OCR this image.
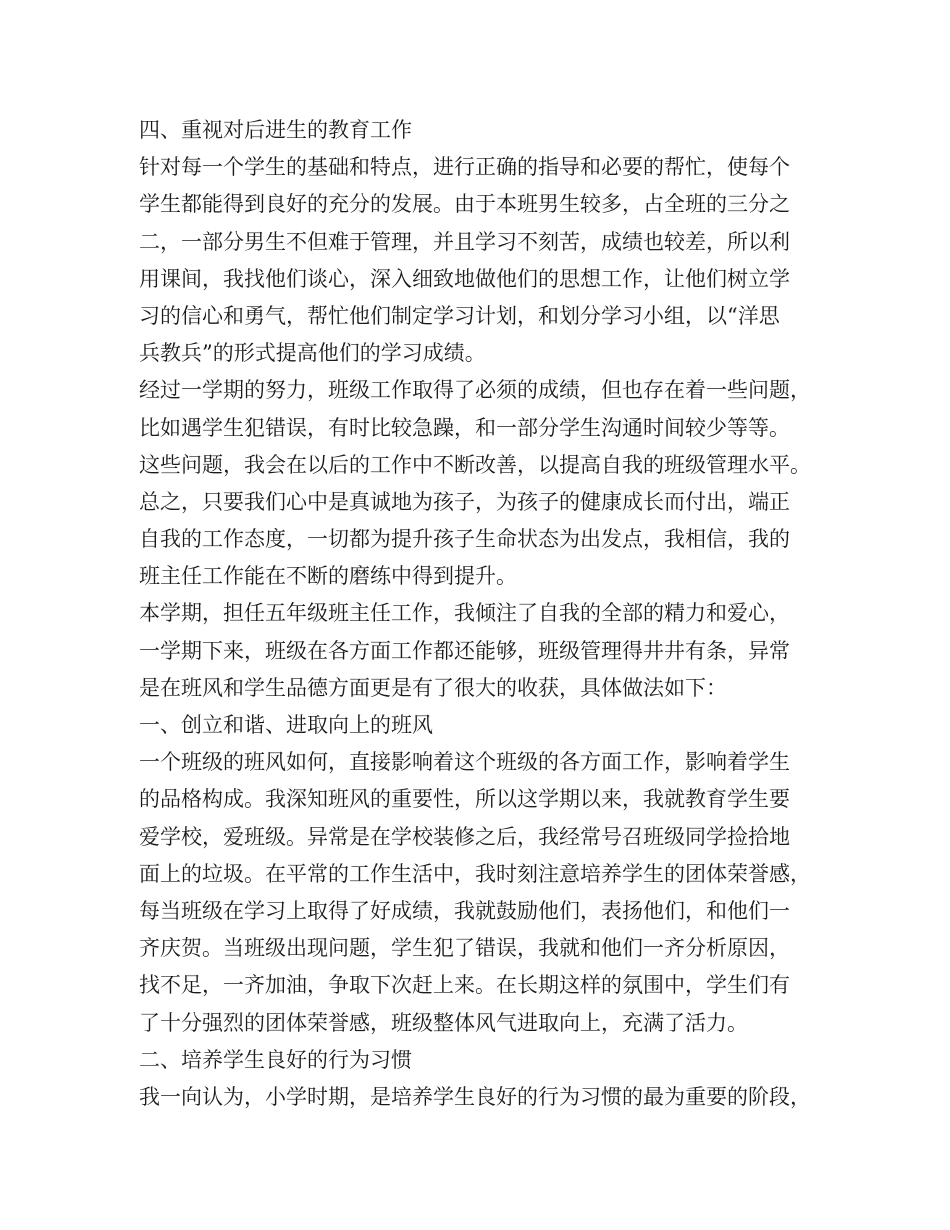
四、重视对后进生的教育工作
针对每一个学生的基础和特点，进行正确的指导和必要的帮忙，使每个
学生都能得到良好的充分的发展。由于本班男生较多，占全班的三分之
二，一部分男生不但难于管理，并且学习不刻苦，成绩也较差，所以利
用课间，我找他们谈心，深入细致地做他们的思想工作，让他们树立学
习的信心和勇气，帮忙他们制定学习计划，和划分学习小组，以“洋思
兵教兵”的形式提高他们的学习成绩。
经过一学期的努力，班级工作取得了必须的成绩，但也存在着一些问题，
比如遇学生犯错误，有时比较急躁，和一部分学生沟通时间较少等等。
这些问题，我会在以后的工作中不断改善，以提高自我的班级管理水平。
总之，只要我们心中是真诚地为孩子，为孩子的健康成长而付出，端正
自我的工作态度，一切都为提升孩子生命状态为出发点，我相信，我的
班主任工作能在不断的磨练中得到提升。
本学期，担任五年级班主任工作，我倾注了自我的全部的精力和爱心，
一学期下来，班级在各方面工作都还能够，班级管理得井井有条，异常
是在班风和学生品德方面更是有了很大的收获，具体做法如下：
一、创立和谐、进取向上的班风
一个班级的班风如何，直接影响着这个班级的各方面工作，影响着学生
的品格构成。我深知班风的重要性，所以这学期以来，我就教育学生要
爱学校，爱班级。异常是在学校装修之后，我经常号召班级同学捡拾地
面上的垃圾。在平常的工作生活中，我时刻注意培养学生的团体荣誉感，
每当班级在学习上取得了好成绩，我就鼓励他们，表扬他们，和他们一
齐庆贺。当班级出现问题，学生犯了错误，我就和他们一齐分析原因，
找不足，一齐加油，争取下次赶上来。在长期这样的氛围中，学生们有
了十分强烈的团体荣誉感，班级整体风气进取向上，充满了活力。
二、培养学生良好的行为习惯
我一向认为，小学时期，是培养学生良好的行为习惯的最为重要的阶段，
